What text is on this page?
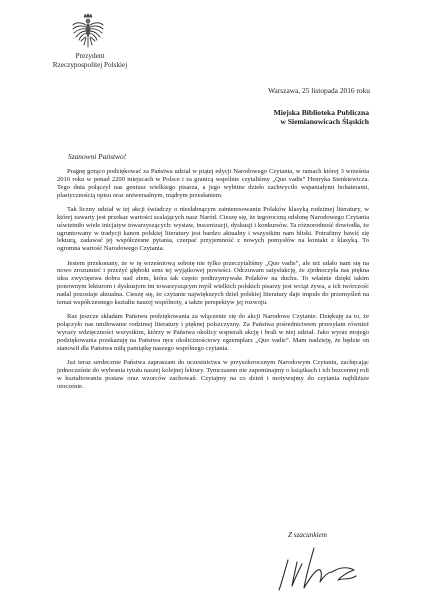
Prezydent
Rzeczypospolitej Polskiej
Warszawa, 25 listopada 2016 roku
Miejska Biblioteka Publiczna
w Siemianowicach Śląskich
Szanowni Państwo!

Pragnę gorąco podziękować za Państwa udział w piątej edycji Narodowego Czytania, w ramach której 3 września 2016 roku w ponad 2200 miejscach w Polsce i za granicą wspólnie czytaliśmy „Quo vadis” Henryka Sienkiewicza. Tego dnia połączył nas geniusz wielkiego pisarza, a jego wybitne dzieło zachwyciło wspaniałymi bohaterami, plastycznością opisu oraz uniwersalnym, mądrym przesłaniem.

Tak liczny udział w tej akcji świadczy o niesłabnącym zainteresowaniu Polaków klasyką rodzimej literatury, w której zawarty jest przekaz wartości scalających nasz Naród. Cieszę się, że tegoroczną odsłonę Narodowego Czytania uświetniło wiele inicjatyw towarzyszących: wystaw, inscenizacji, dyskusji i konkursów. Ta różnorodność dowiodła, że ugruntowany w tradycji kanon polskiej literatury jest bardzo aktualny i wszystkim nam bliski. Potrafimy bawić się lekturą, zadawać jej współczesne pytania, czerpać przyjemność z nowych pomysłów na kontakt z klasyką. To ogromna wartość Narodowego Czytania.

Jestem przekonany, że w tę wrześniową sobotę nie tylko przeczytaliśmy „Quo vadis”, ale też udało nam się na nowo zrozumieć i przeżyć głęboki sens tej wyjątkowej powieści. Odczuwam satysfakcję, że zjednoczyła nas piękna idea zwycięstwa dobra nad złem, która tak często podtrzymywała Polaków na duchu. To właśnie dzięki takim ponownym lekturom i dyskusjom im towarzyszącym myśl wielkich polskich pisarzy jest wciąż żywa, a ich twórczość nadal pozostaje aktualna. Cieszę się, że czytanie największych dzieł polskiej literatury daje impuls do przemyśleń na temat współczesnego kształtu naszej wspólnoty, a także perspektyw jej rozwoju.

Raz jeszcze składam Państwu podziękowania za włączenie się do akcji Narodowe Czytanie. Dziękuję za to, że połączyło nas umiłowanie rodzimej literatury i pięknej polszczyzny. Za Państwa pośrednictwem przesyłam również wyrazy wdzięczności wszystkim, którzy w Państwa okolicy wspierali akcję i brali w niej udział. Jako wyraz mojego podziękowania przekazuję na Państwa ręce okolicznościowy egzemplarz „Quo vadis”. Mam nadzieję, że będzie on stanowił dla Państwa miłą pamiątkę naszego wspólnego czytania.

Już teraz serdecznie Państwa zapraszam do uczestnictwa w przyszłorocznym Narodowym Czytaniu, zachęcając jednocześnie do wybrania tytułu naszej kolejnej lektury. Tymczasem nie zapominajmy o książkach i ich bezcennej roli w kształtowaniu postaw oraz wzorców zachowań. Czytajmy na co dzień i motywujmy do czytania najbliższe otoczenie.

Z szacunkiem
